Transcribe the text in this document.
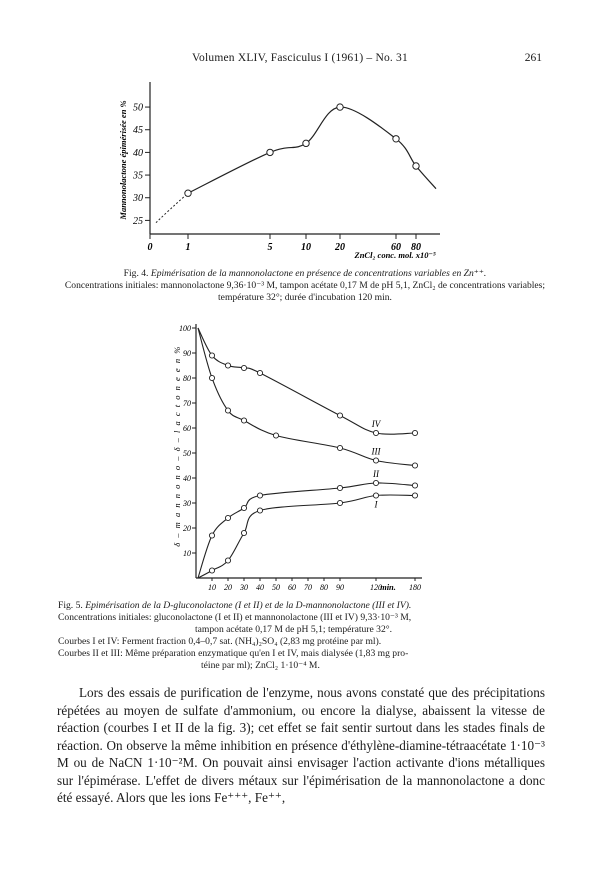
Volumen XLIV, Fasciculus I (1961) – No. 31	261
25
30
35
40
45
50
0	1	5	10 20	60 80
Mannonolactone épimérisée en %
ZnCl₂ conc. mol. x10⁻⁵
Fig. 4. Epimérisation de la mannonolactone en présence de concentrations variables en Zn⁺⁺.
Concentrations initiales: mannonolactone 9,36·10⁻³ M, tampon acétate 0,17 M de pH 5,1, ZnCl₂ de concentrations variables; température 32°; durée d'incubation 120 min.
10
20
30
40
50
60
70
80
90
100
10 20 30 40 50 60 70 80 90	120	180
IV
III
II
I
δ – m a n n o n o – δ – l a c t o n e e n %
min.
Fig. 5. Epimérisation de la D-gluconolactone (I et II) et de la D-mannonolactone (III et IV).
Concentrations initiales: gluconolactone (I et II) et mannonolactone (III et IV) 9,33·10⁻³ M,
tampon acétate 0,17 M de pH 5,1; température 32°.
Courbes I et IV: Ferment fraction 0,4–0,7 sat. (NH₄)₂SO₄ (2,83 mg protéine par ml).
Courbes II et III: Même préparation enzymatique qu'en I et IV, mais dialysée (1,83 mg pro-
téine par ml); ZnCl₂ 1·10⁻⁴ M.

Lors des essais de purification de l'enzyme, nous avons constaté que des précipitations répétées au moyen de sulfate d'ammonium, ou encore la dialyse, abaissent la vitesse de réaction (courbes I et II de la fig. 3); cet effet se fait sentir surtout dans les stades finals de réaction. On observe la même inhibition en présence d'éthylène-diamine-tétraacétate 1·10⁻³ M ou de NaCN 1·10⁻²M. On pouvait ainsi envisager l'action activante d'ions métalliques sur l'épimérase. L'effet de divers métaux sur l'épimérisation de la mannonolactone a donc été essayé. Alors que les ions Fe⁺⁺⁺, Fe⁺⁺,
